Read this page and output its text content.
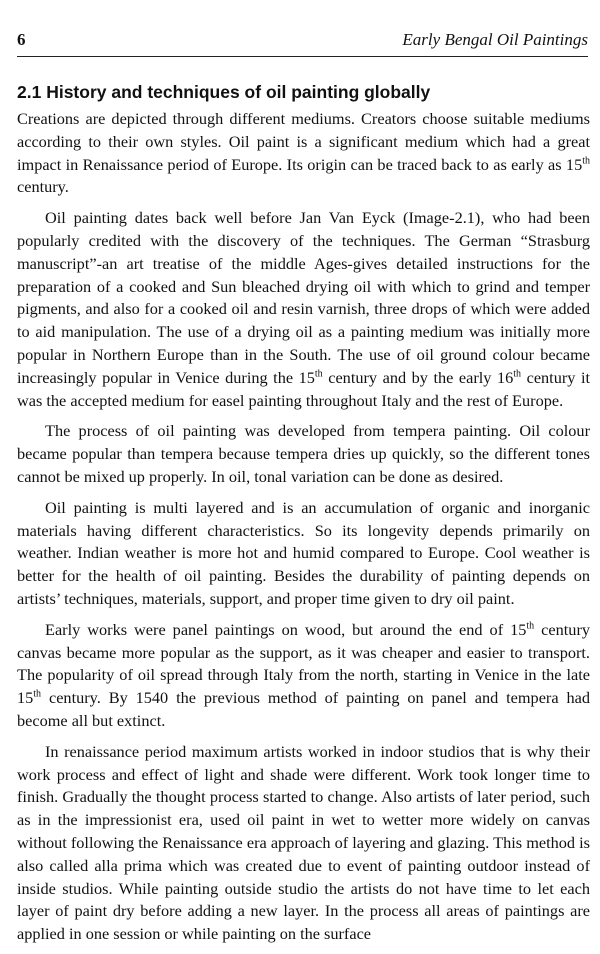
6	Early Bengal Oil Paintings
2.1 History and techniques of oil painting globally

Creations are depicted through different mediums. Creators choose suitable mediums according to their own styles. Oil paint is a significant medium which had a great impact in Renaissance period of Europe. Its origin can be traced back to as early as 15th century.

Oil painting dates back well before Jan Van Eyck (Image-2.1), who had been popularly credited with the discovery of the techniques. The German “Strasburg manuscript”-an art treatise of the middle Ages-gives detailed instructions for the preparation of a cooked and Sun bleached drying oil with which to grind and temper pigments, and also for a cooked oil and resin varnish, three drops of which were added to aid manipulation. The use of a drying oil as a painting medium was initially more popular in Northern Europe than in the South. The use of oil ground colour became increasingly popular in Venice during the 15th century and by the early 16th century it was the accepted medium for easel painting throughout Italy and the rest of Europe.

The process of oil painting was developed from tempera painting. Oil colour became popular than tempera because tempera dries up quickly, so the different tones cannot be mixed up properly. In oil, tonal variation can be done as desired.

Oil painting is multi layered and is an accumulation of organic and inorganic materials having different characteristics. So its longevity depends primarily on weather. Indian weather is more hot and humid compared to Europe. Cool weather is better for the health of oil painting. Besides the durability of painting depends on artists’ techniques, materials, support, and proper time given to dry oil paint.

Early works were panel paintings on wood, but around the end of 15th century canvas became more popular as the support, as it was cheaper and easier to transport. The popularity of oil spread through Italy from the north, starting in Venice in the late 15th century. By 1540 the previous method of painting on panel and tempera had become all but extinct.

In renaissance period maximum artists worked in indoor studios that is why their work process and effect of light and shade were different. Work took longer time to finish. Gradually the thought process started to change. Also artists of later period, such as in the impressionist era, used oil paint in wet to wetter more widely on canvas without following the Renaissance era approach of layering and glazing. This method is also called alla prima which was created due to event of painting outdoor instead of inside studios. While painting outside studio the artists do not have time to let each layer of paint dry before adding a new layer. In the process all areas of paintings are applied in one session or while painting on the surface
